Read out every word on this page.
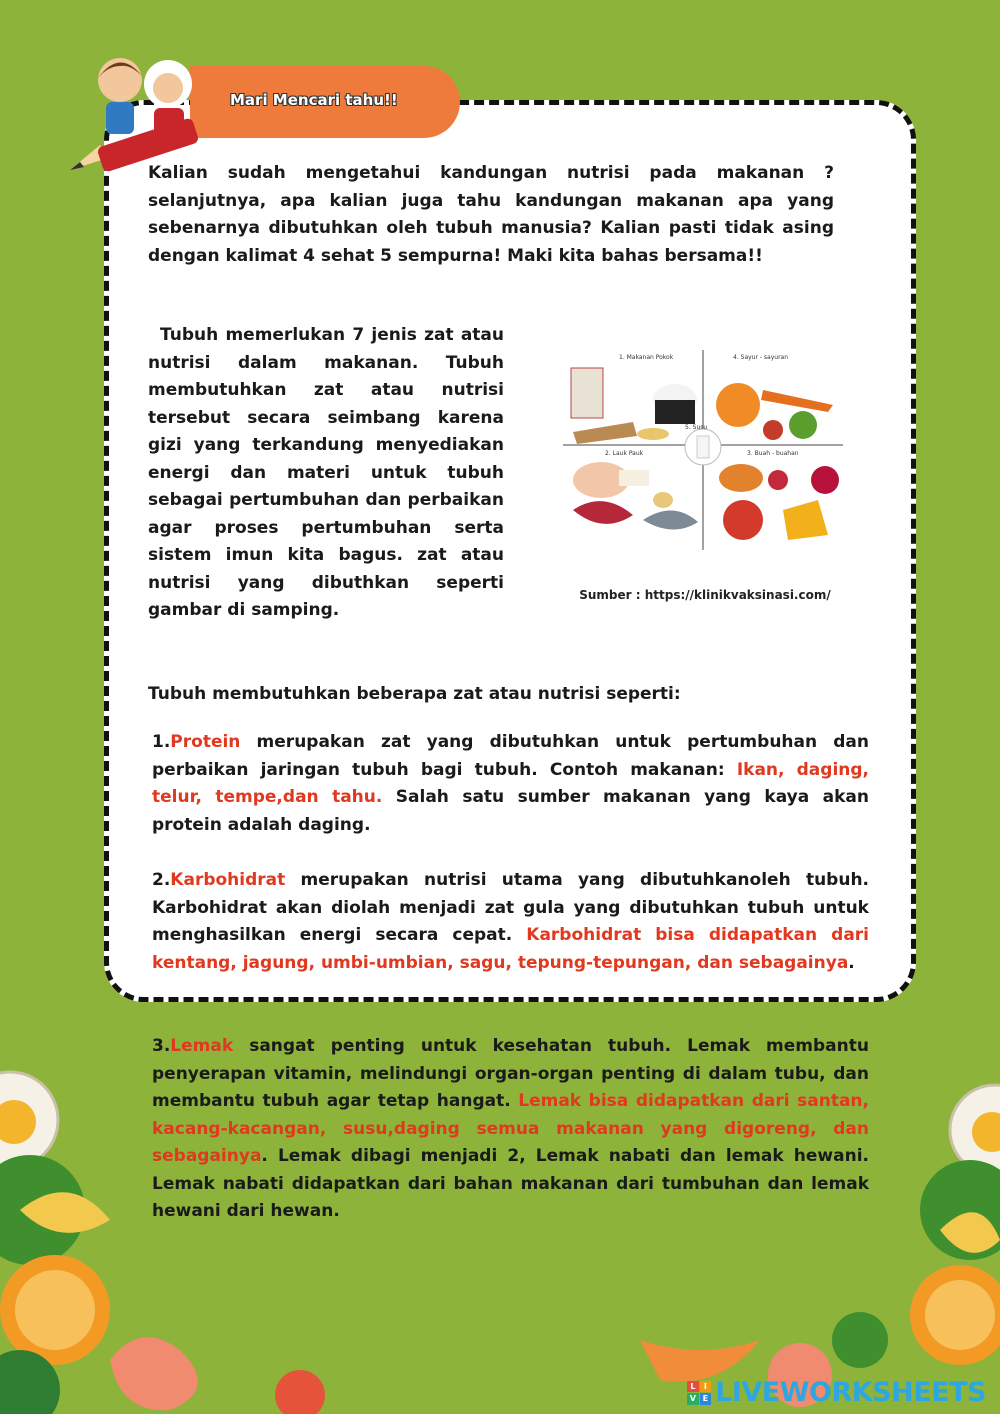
Mari Mencari tahu!!
Kalian sudah mengetahui kandungan nutrisi pada makanan ? selanjutnya, apa kalian juga tahu kandungan makanan apa yang sebenarnya dibutuhkan oleh tubuh manusia? Kalian pasti tidak asing dengan kalimat 4 sehat 5 sempurna! Maki kita bahas bersama!!
Tubuh memerlukan 7 jenis zat atau nutrisi dalam makanan. Tubuh membutuhkan zat atau nutrisi tersebut secara seimbang karena gizi yang terkandung menyediakan energi dan materi untuk tubuh sebagai pertumbuhan dan perbaikan agar proses pertumbuhan serta sistem imun kita bagus. zat atau nutrisi yang dibuthkan seperti gambar di samping.
1. Makanan Pokok	4. Sayur - sayuran
5. Susu
2. Lauk Pauk	3. Buah - buahan
Sumber : https://klinikvaksinasi.com/
Tubuh membutuhkan beberapa zat atau nutrisi seperti:
1.Protein merupakan zat yang dibutuhkan untuk pertumbuhan dan perbaikan jaringan tubuh bagi tubuh. Contoh makanan: Ikan, daging, telur, tempe,dan tahu. Salah satu sumber makanan yang kaya akan protein adalah daging.
2.Karbohidrat merupakan nutrisi utama yang dibutuhkanoleh tubuh. Karbohidrat akan diolah menjadi zat gula yang dibutuhkan tubuh untuk menghasilkan energi secara cepat. Karbohidrat bisa didapatkan dari kentang, jagung, umbi-umbian, sagu, tepung-tepungan, dan sebagainya.
3.Lemak sangat penting untuk kesehatan tubuh. Lemak membantu penyerapan vitamin, melindungi organ-organ penting di dalam tubu, dan membantu tubuh agar tetap hangat. Lemak bisa didapatkan dari santan, kacang-kacangan, susu,daging semua makanan yang digoreng, dan sebagainya. Lemak dibagi menjadi 2, Lemak nabati dan lemak hewani. Lemak nabati didapatkan dari bahan makanan dari tumbuhan dan lemak hewani dari hewan.
L	I
V E LIVEWORKSHEETS
